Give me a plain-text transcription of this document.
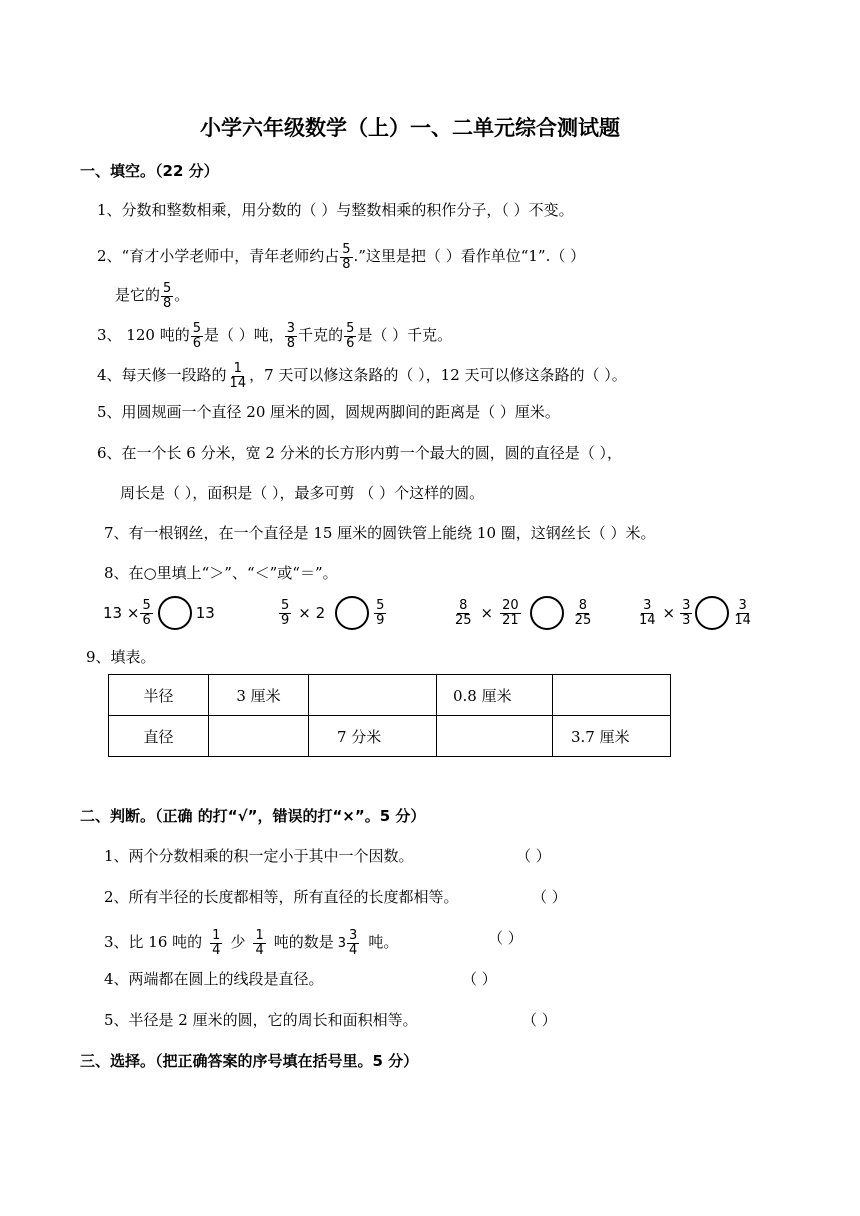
小学六年级数学（上）一、二单元综合测试题
一、填空。（22 分）
1、分数和整数相乘，用分数的（ ）与整数相乘的积作分子，（ ）不变。
2、“育才小学老师中，青年老师约占 $\frac{5}{8}$ .”这里是把（ ）看作单位“1”.（ ）
是它的 $\frac{5}{8}$ 。
3、 120 吨的 $\frac{5}{6}$ 是（ ）吨， $\frac{3}{8}$ 千克的 $\frac{5}{6}$ 是（ ）千克。
4、每天修一段路的 $\frac{1}{14}$ ，7 天可以修这条路的（ ），12 天可以修这条路的（ ）。
5、用圆规画一个直径 20 厘米的圆，圆规两脚间的距离是（ ）厘米。
6、在一个长 6 分米，宽 2 分米的长方形内剪一个最大的圆，圆的直径是（ ），
周长是（ ），面积是（ ），最多可剪 （ ）个这样的圆。
7、有一根钢丝，在一个直径是 15 厘米的圆铁管上能绕 10 圈，这钢丝长（ ）米。
8、在○里填上“＞”、“＜”或“＝”。
$13 \times \frac{5}{6}$	13	$\frac{5}{9} \times 2$	$\frac{5}{9}$	$\frac{8}{25} \times \frac{20}{21}$	$\frac{8}{25}$	$\frac{3}{14} \times \frac{3}{3}$	$\frac{3}{14}$
9、填表。
半径	3 厘米		0.8 厘米	
直径		7 分米		3.7 厘米
二、判断。（正确 的打“√”，错误的打“×”。5 分）
1、两个分数相乘的积一定小于其中一个因数。	（ ）
2、所有半径的长度都相等，所有直径的长度都相等。	（ ）
3、比 16 吨的 $\frac{1}{4}$ 少 $\frac{1}{4}$ 吨的数是 $3 \frac{3}{4}$ 吨。	（ ）
4、两端都在圆上的线段是直径。	（ ）
5、半径是 2 厘米的圆，它的周长和面积相等。	（ ）
三、选择。（把正确答案的序号填在括号里。5 分）
